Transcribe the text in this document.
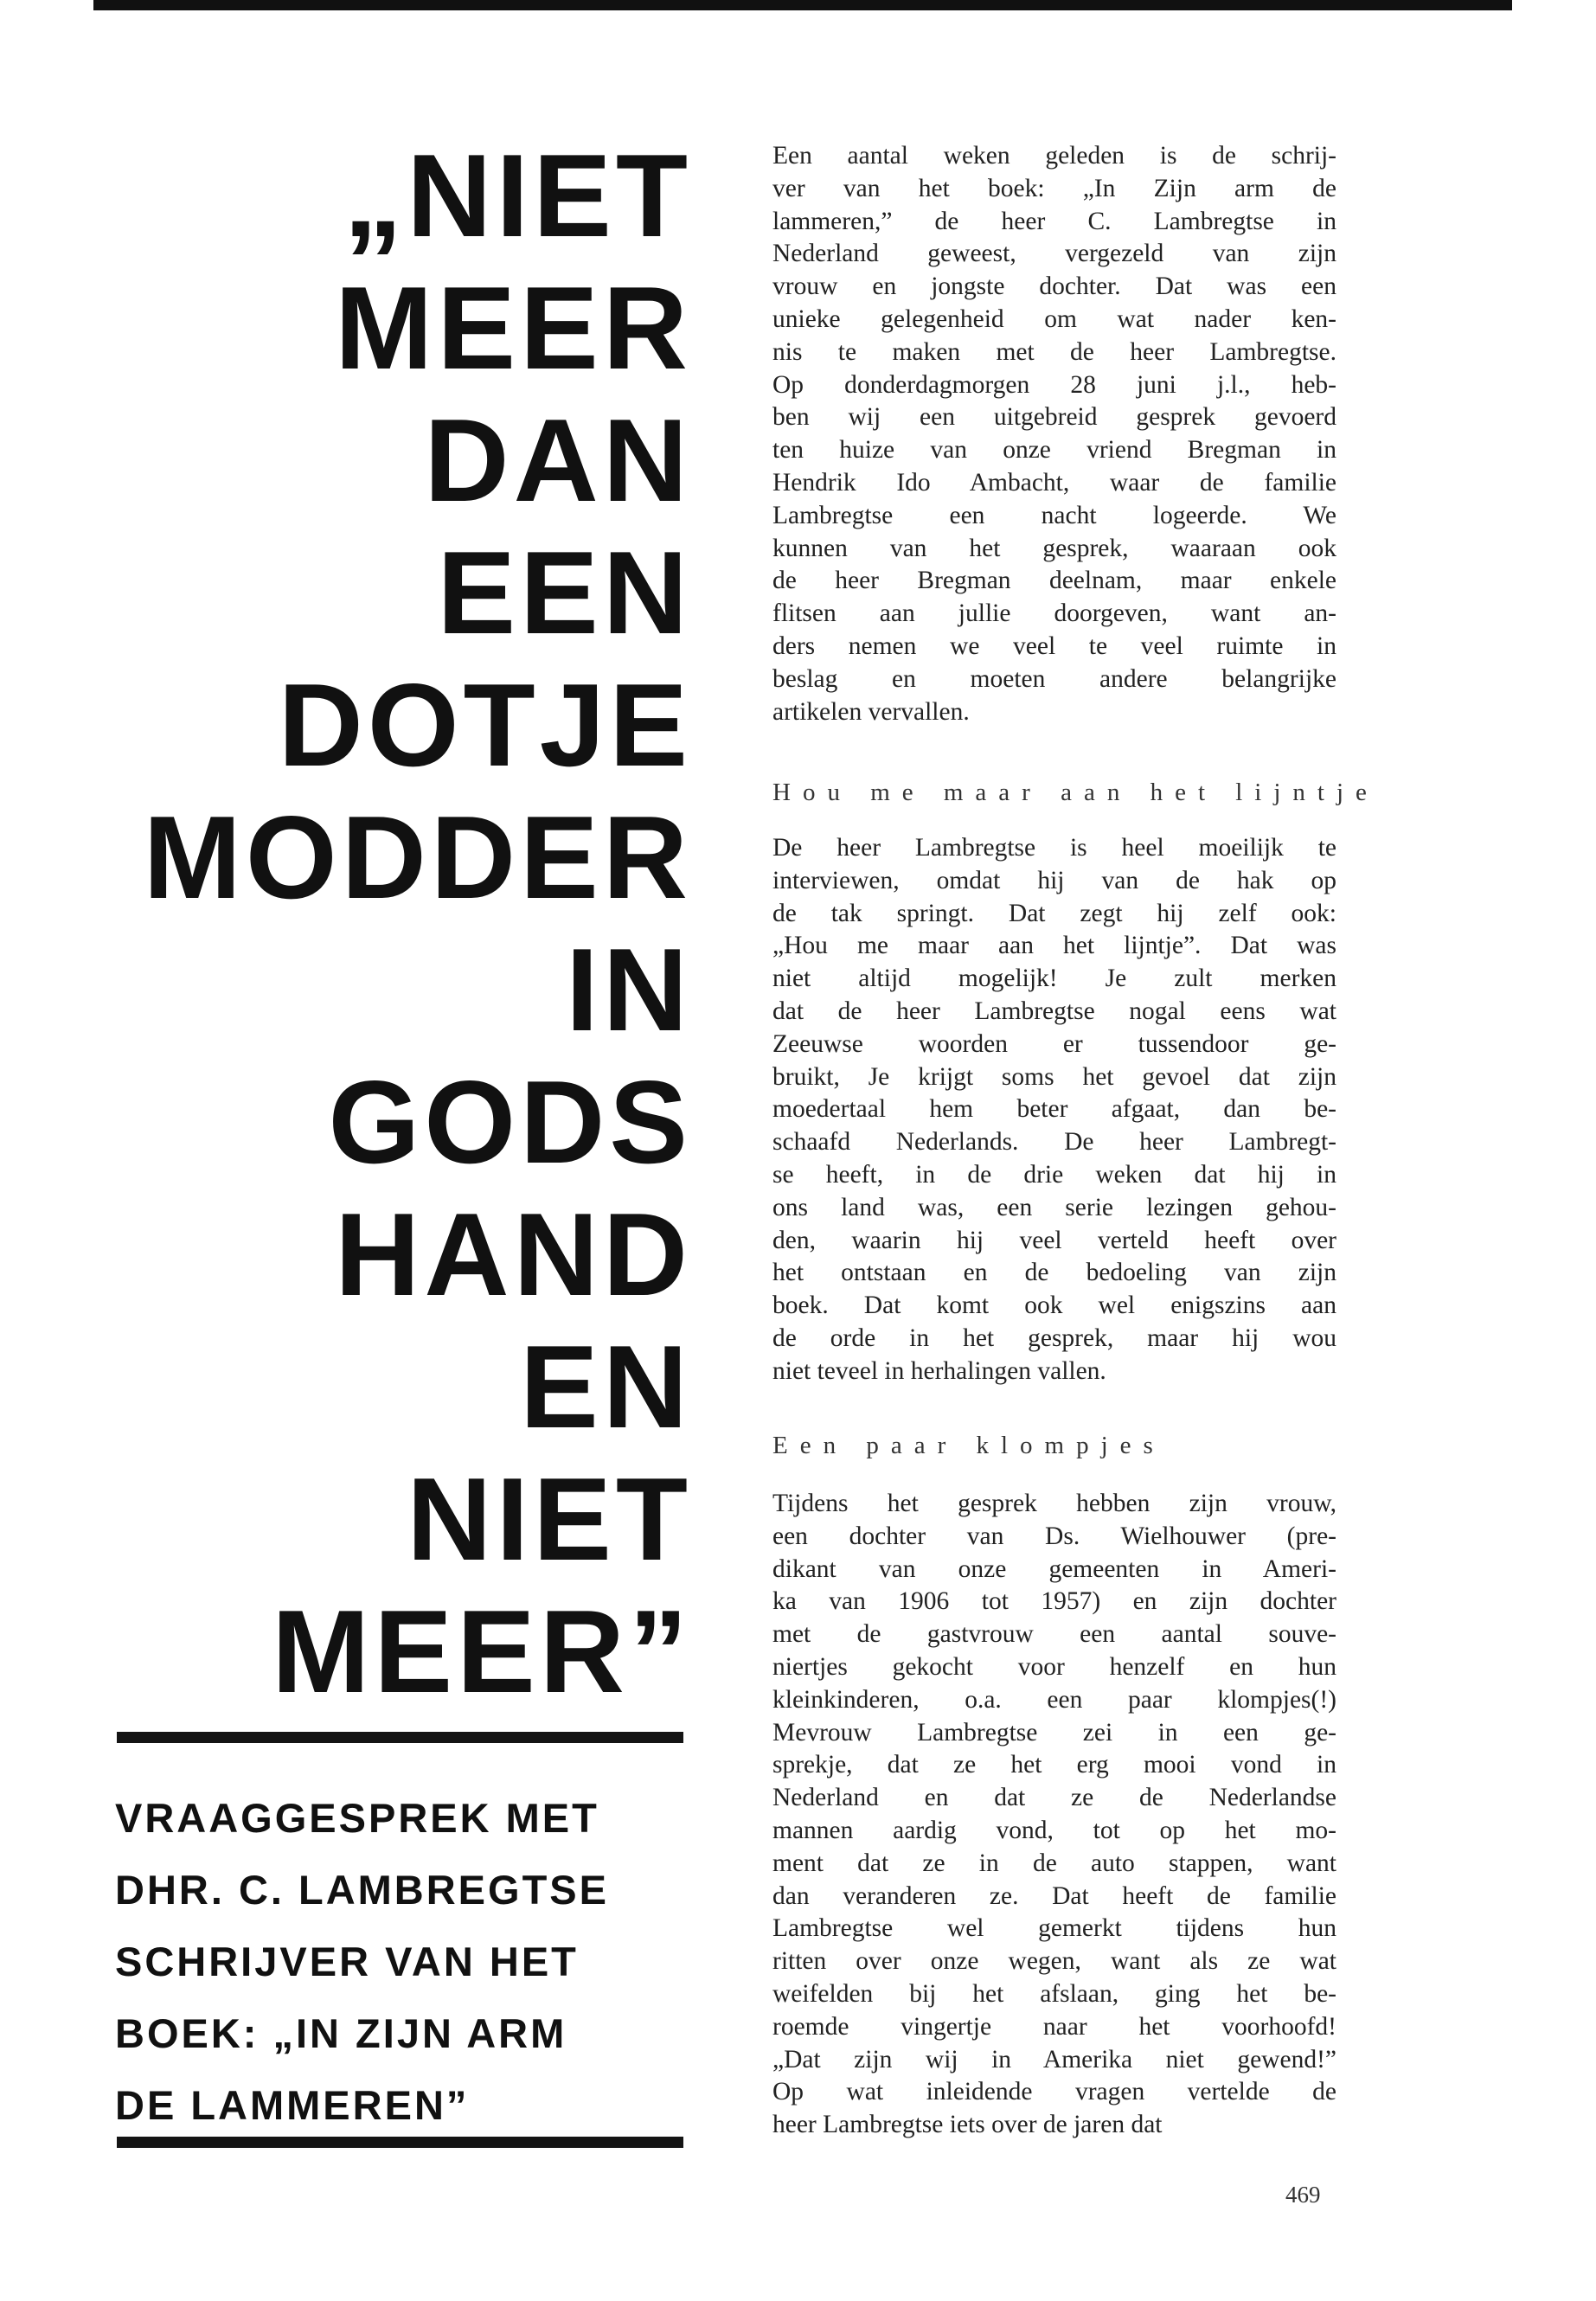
„NIET
MEER
DAN
EEN
DOTJE
MODDER
IN
GODS
HAND
EN
NIET
MEER”
VRAAGGESPREK MET
DHR. C. LAMBREGTSE
SCHRIJVER VAN HET
BOEK: „IN ZIJN ARM
DE LAMMEREN”
Een aantal weken geleden is de schrij-
ver van het boek: „In Zijn arm de
lammeren,” de heer C. Lambregtse in
Nederland geweest, vergezeld van zijn
vrouw en jongste dochter. Dat was een
unieke gelegenheid om wat nader ken-
nis te maken met de heer Lambregtse.
Op donderdagmorgen 28 juni j.l., heb-
ben wij een uitgebreid gesprek gevoerd
ten huize van onze vriend Bregman in
Hendrik Ido Ambacht, waar de familie
Lambregtse een nacht logeerde. We
kunnen van het gesprek, waaraan ook
de heer Bregman deelnam, maar enkele
flitsen aan jullie doorgeven, want an-
ders nemen we veel te veel ruimte in
beslag en moeten andere belangrijke
artikelen vervallen.
Hou me maar aan het lijntje
De heer Lambregtse is heel moeilijk te
interviewen, omdat hij van de hak op
de tak springt. Dat zegt hij zelf ook:
„Hou me maar aan het lijntje”. Dat was
niet altijd mogelijk! Je zult merken
dat de heer Lambregtse nogal eens wat
Zeeuwse woorden er tussendoor ge-
bruikt, Je krijgt soms het gevoel dat zijn
moedertaal hem beter afgaat, dan be-
schaafd Nederlands. De heer Lambregt-
se heeft, in de drie weken dat hij in
ons land was, een serie lezingen gehou-
den, waarin hij veel verteld heeft over
het ontstaan en de bedoeling van zijn
boek. Dat komt ook wel enigszins aan
de orde in het gesprek, maar hij wou
niet teveel in herhalingen vallen.
Een paar klompjes
Tijdens het gesprek hebben zijn vrouw,
een dochter van Ds. Wielhouwer (pre-
dikant van onze gemeenten in Ameri-
ka van 1906 tot 1957) en zijn dochter
met de gastvrouw een aantal souve-
niertjes gekocht voor henzelf en hun
kleinkinderen, o.a. een paar klompjes(!)
Mevrouw Lambregtse zei in een ge-
sprekje, dat ze het erg mooi vond in
Nederland en dat ze de Nederlandse
mannen aardig vond, tot op het mo-
ment dat ze in de auto stappen, want
dan veranderen ze. Dat heeft de familie
Lambregtse wel gemerkt tijdens hun
ritten over onze wegen, want als ze wat
weifelden bij het afslaan, ging het be-
roemde vingertje naar het voorhoofd!
„Dat zijn wij in Amerika niet gewend!”
Op wat inleidende vragen vertelde de
heer Lambregtse iets over de jaren dat
469
